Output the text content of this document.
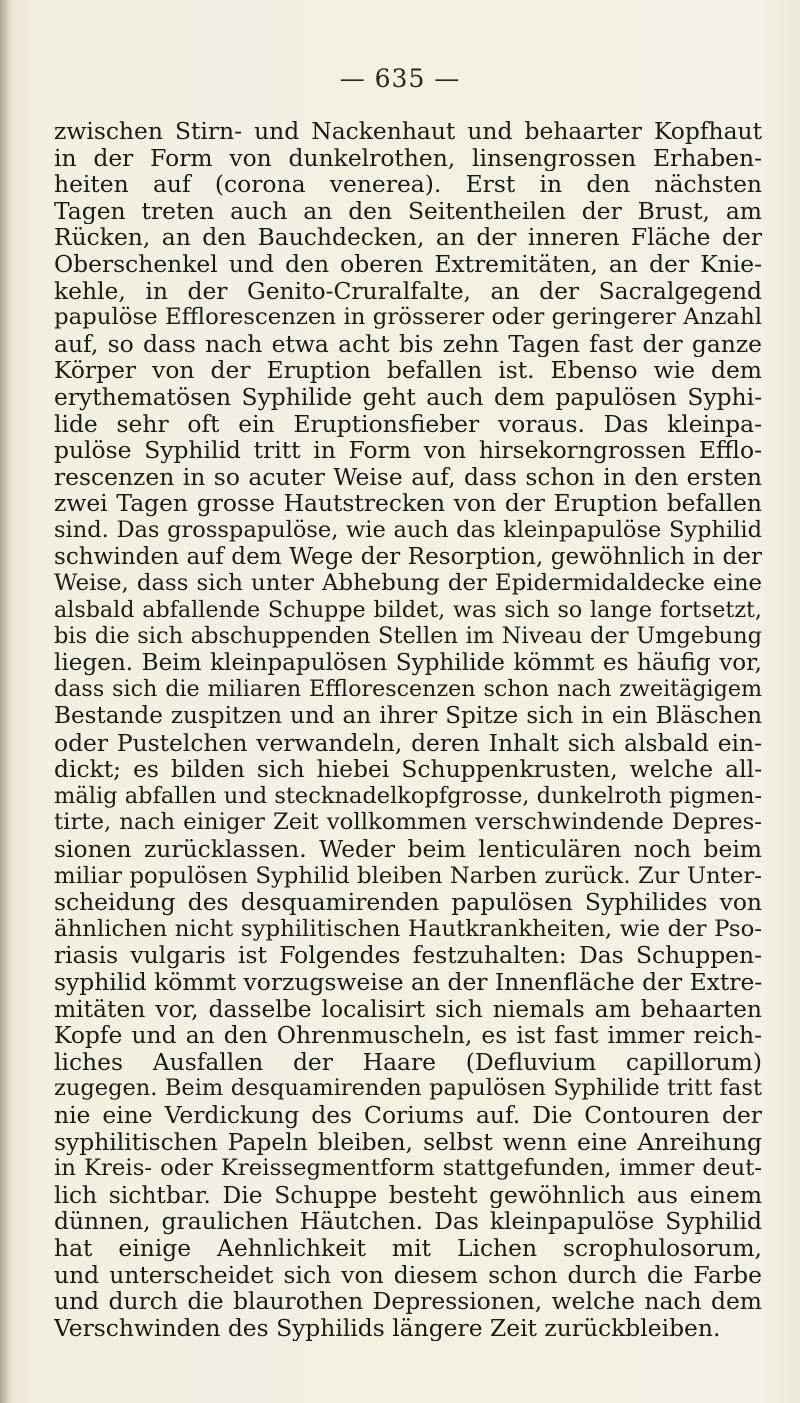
— 635 —
zwischen Stirn- und Nackenhaut und behaarter Kopfhaut
in der Form von dunkelrothen, linsengrossen Erhaben-
heiten auf (corona venerea). Erst in den nächsten
Tagen treten auch an den Seitentheilen der Brust, am
Rücken, an den Bauchdecken, an der inneren Fläche der
Oberschenkel und den oberen Extremitäten, an der Knie-
kehle, in der Genito-Cruralfalte, an der Sacralgegend
papulöse Efflorescenzen in grösserer oder geringerer Anzahl
auf, so dass nach etwa acht bis zehn Tagen fast der ganze
Körper von der Eruption befallen ist. Ebenso wie dem
erythematösen Syphilide geht auch dem papulösen Syphi-
lide sehr oft ein Eruptionsfieber voraus. Das kleinpa-
pulöse Syphilid tritt in Form von hirsekorngrossen Efflo-
rescenzen in so acuter Weise auf, dass schon in den ersten
zwei Tagen grosse Hautstrecken von der Eruption befallen
sind. Das grosspapulöse, wie auch das kleinpapulöse Syphilid
schwinden auf dem Wege der Resorption, gewöhnlich in der
Weise, dass sich unter Abhebung der Epidermidaldecke eine
alsbald abfallende Schuppe bildet, was sich so lange fortsetzt,
bis die sich abschuppenden Stellen im Niveau der Umgebung
liegen. Beim kleinpapulösen Syphilide kömmt es häufig vor,
dass sich die miliaren Efflorescenzen schon nach zweitägigem
Bestande zuspitzen und an ihrer Spitze sich in ein Bläschen
oder Pustelchen verwandeln, deren Inhalt sich alsbald ein-
dickt; es bilden sich hiebei Schuppenkrusten, welche all-
mälig abfallen und stecknadelkopfgrosse, dunkelroth pigmen-
tirte, nach einiger Zeit vollkommen verschwindende Depres-
sionen zurücklassen. Weder beim lenticulären noch beim
miliar populösen Syphilid bleiben Narben zurück. Zur Unter-
scheidung des desquamirenden papulösen Syphilides von
ähnlichen nicht syphilitischen Hautkrankheiten, wie der Pso-
riasis vulgaris ist Folgendes festzuhalten: Das Schuppen-
syphilid kömmt vorzugsweise an der Innenfläche der Extre-
mitäten vor, dasselbe localisirt sich niemals am behaarten
Kopfe und an den Ohrenmuscheln, es ist fast immer reich-
liches Ausfallen der Haare (Defluvium capillorum)
zugegen. Beim desquamirenden papulösen Syphilide tritt fast
nie eine Verdickung des Coriums auf. Die Contouren der
syphilitischen Papeln bleiben, selbst wenn eine Anreihung
in Kreis- oder Kreissegmentform stattgefunden, immer deut-
lich sichtbar. Die Schuppe besteht gewöhnlich aus einem
dünnen, graulichen Häutchen. Das kleinpapulöse Syphilid
hat einige Aehnlichkeit mit Lichen scrophulosorum,
und unterscheidet sich von diesem schon durch die Farbe
und durch die blaurothen Depressionen, welche nach dem
Verschwinden des Syphilids längere Zeit zurückbleiben.
